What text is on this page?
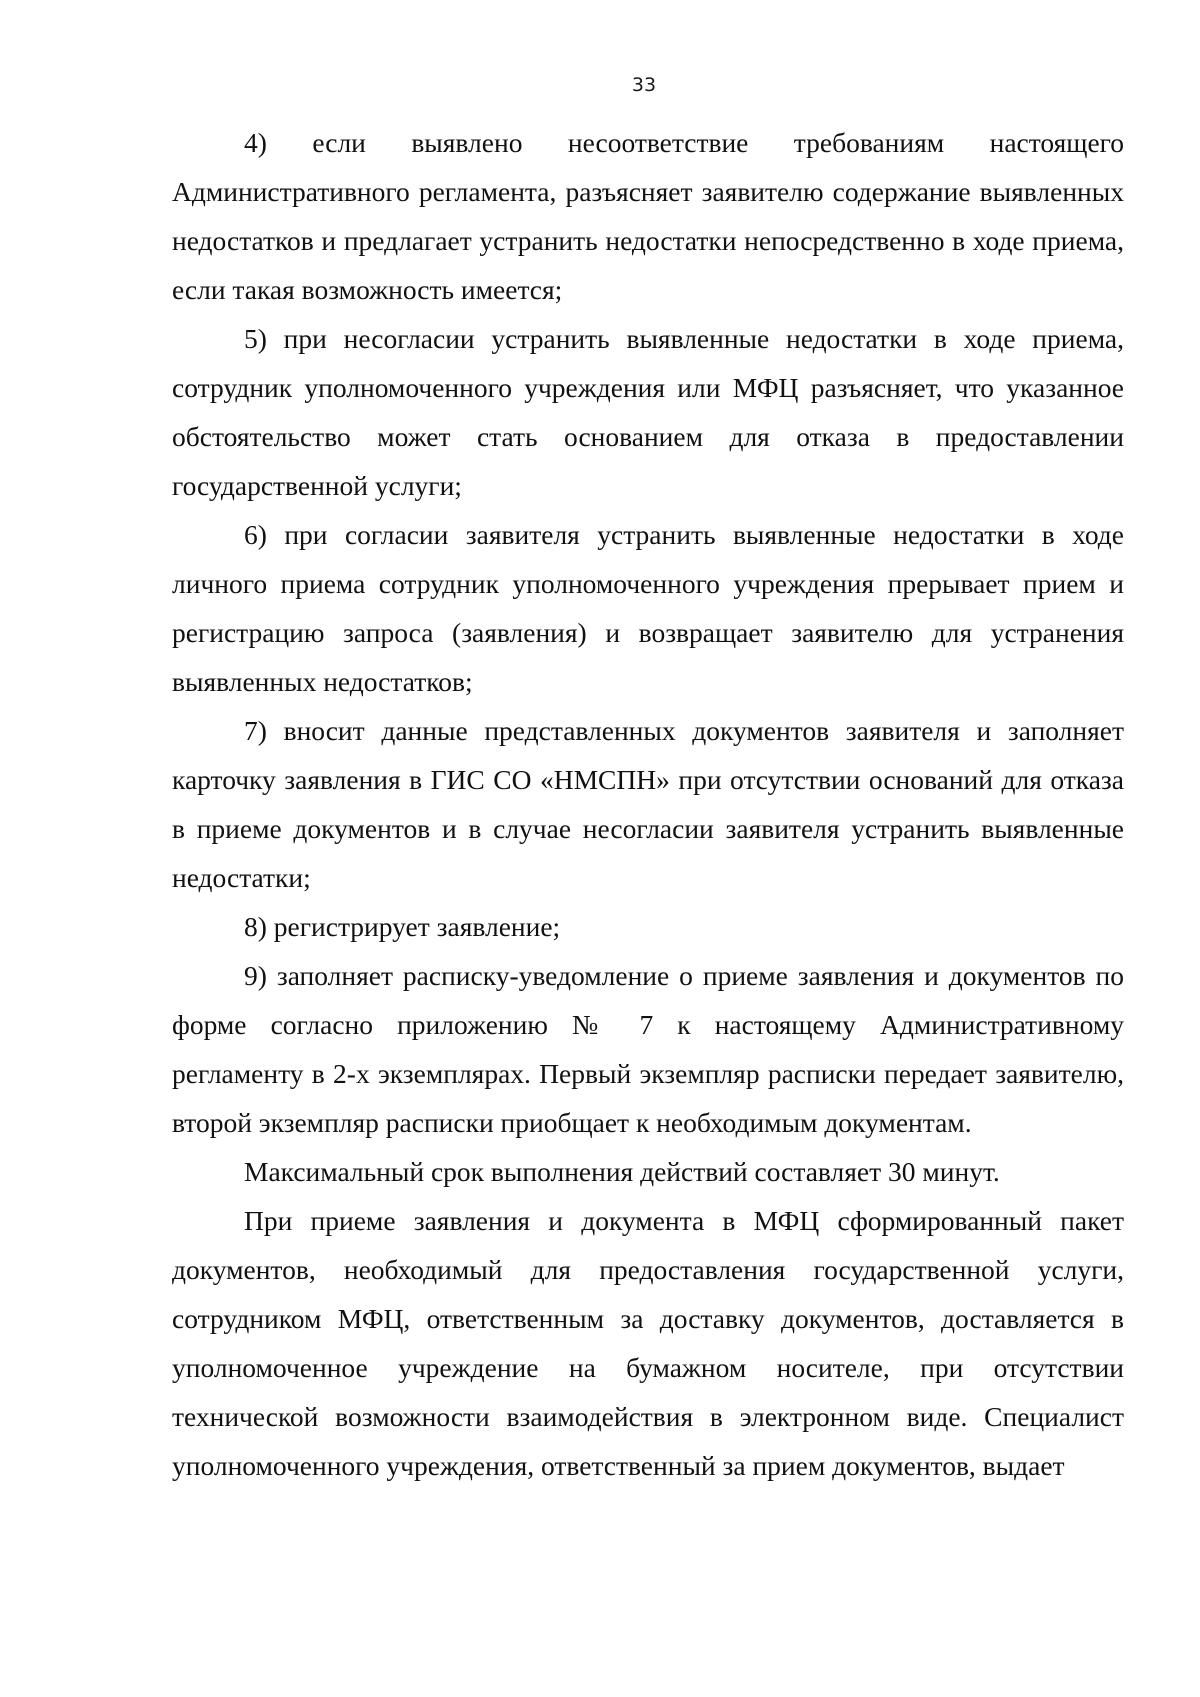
33

4) если выявлено несоответствие требованиям настоящего Административного регламента, разъясняет заявителю содержание выявленных недостатков и предлагает устранить недостатки непосредственно в ходе приема, если такая возможность имеется;

5) при несогласии устранить выявленные недостатки в ходе приема, сотрудник уполномоченного учреждения или МФЦ разъясняет, что указанное обстоятельство может стать основанием для отказа в предоставлении государственной услуги;

6) при согласии заявителя устранить выявленные недостатки в ходе личного приема сотрудник уполномоченного учреждения прерывает прием и регистрацию запроса (заявления) и возвращает заявителю для устранения выявленных недостатков;

7) вносит данные представленных документов заявителя и заполняет карточку заявления в ГИС СО «НМСПН» при отсутствии оснований для отказа в приеме документов и в случае несогласии заявителя устранить выявленные недостатки;

8) регистрирует заявление;

9) заполняет расписку-уведомление о приеме заявления и документов по форме согласно приложению № 7 к настоящему Административному регламенту в 2-х экземплярах. Первый экземпляр расписки передает заявителю, второй экземпляр расписки приобщает к необходимым документам.

Максимальный срок выполнения действий составляет 30 минут.

При приеме заявления и документа в МФЦ сформированный пакет документов, необходимый для предоставления государственной услуги, сотрудником МФЦ, ответственным за доставку документов, доставляется в уполномоченное учреждение на бумажном носителе, при отсутствии технической возможности взаимодействия в электронном виде. Специалист уполномоченного учреждения, ответственный за прием документов, выдает
